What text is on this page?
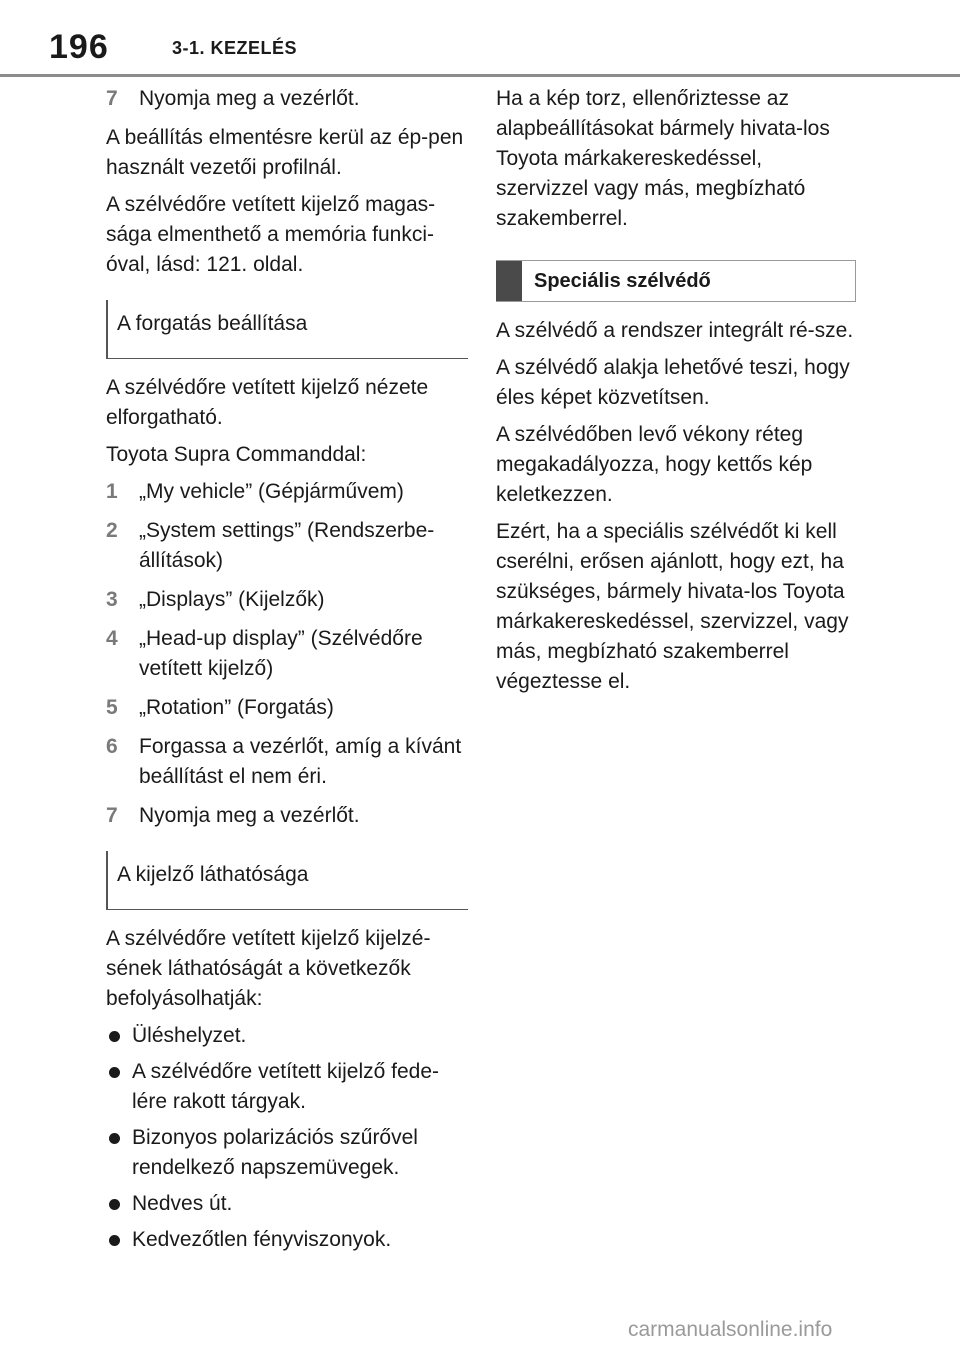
196	3-1. KEZELÉS
7 Nyomja meg a vezérlőt.

A beállítás elmentésre kerül az ép-pen használt vezetői profilnál.

A szélvédőre vetített kijelző magas-sága elmenthető a memória funkci-óval, lásd: 121. oldal.

A forgatás beállítása

A szélvédőre vetített kijelző nézete elforgatható.

Toyota Supra Commanddal:

1 „My vehicle” (Gépjárművem)
2 „System settings” (Rendszerbe-állítások)
3 „Displays” (Kijelzők)
4 „Head-up display” (Szélvédőre vetített kijelző)
5 „Rotation” (Forgatás)
6 Forgassa a vezérlőt, amíg a kívánt beállítást el nem éri.
7 Nyomja meg a vezérlőt.
A kijelző láthatósága

A szélvédőre vetített kijelző kijelzé-sének láthatóságát a következők befolyásolhatják:

Üléshelyzet.
A szélvédőre vetített kijelző fede-lére rakott tárgyak.
Bizonyos polarizációs szűrővel rendelkező napszemüvegek.
Nedves út.
Kedvezőtlen fényviszonyok.

Ha a kép torz, ellenőriztesse az alapbeállításokat bármely hivata-los Toyota márkakereskedéssel, szervizzel vagy más, megbízható szakemberrel.

Speciális szélvédő

A szélvédő a rendszer integrált ré-sze.

A szélvédő alakja lehetővé teszi, hogy éles képet közvetítsen.

A szélvédőben levő vékony réteg megakadályozza, hogy kettős kép keletkezzen.

Ezért, ha a speciális szélvédőt ki kell cserélni, erősen ajánlott, hogy ezt, ha szükséges, bármely hivata-los Toyota márkakereskedéssel, szervizzel, vagy más, megbízható szakemberrel végeztesse el.

carmanualsonline.info
